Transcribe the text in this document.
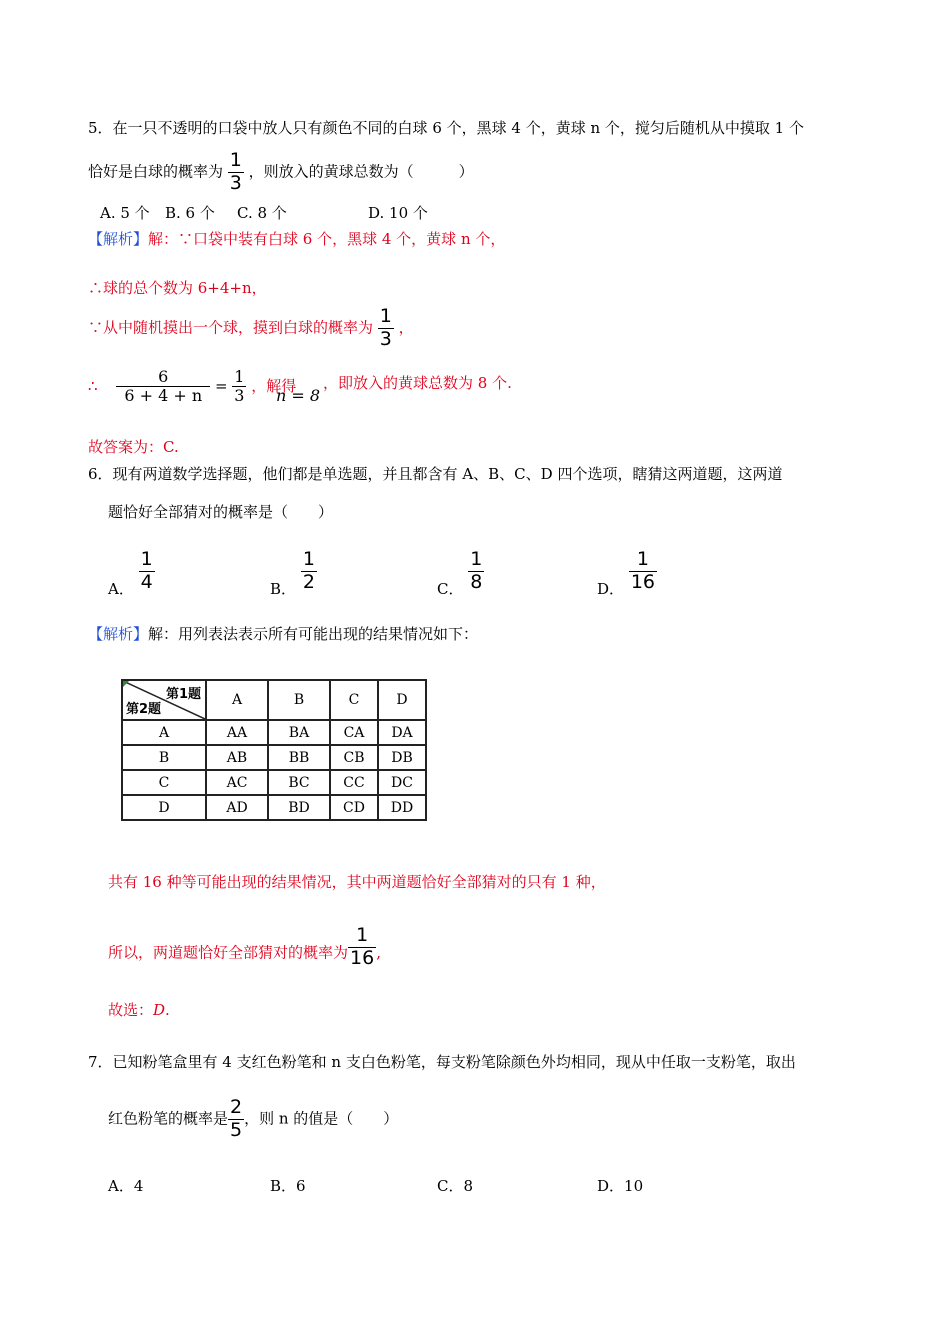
5．在一只不透明的口袋中放人只有颜色不同的白球 6 个，黑球 4 个，黄球 n 个，搅匀后随机从中摸取 1 个
恰好是白球的概率为 $\frac{1}{3}$ ，则放入的黄球总数为（　　　）
A. 5 个 B. 6 个 C. 8 个	D. 10 个
【解析】解：∵口袋中装有白球 6 个，黑球 4 个，黄球 n 个，
∴球的总个数为 6+4+n，
∵从中随机摸出一个球，摸到白球的概率为 $\frac{1}{3}$ ，
∴ $\frac{6}{6 + 4 + n} = \frac{1}{3}$ ，解得
n = 8
，即放入的黄球总数为 8 个.
故答案为：C.
6．现有两道数学选择题，他们都是单选题，并且都含有 A、B、C、D 四个选项，瞎猜这两道题，这两道
题恰好全部猜对的概率是（　　）
A． $\frac{1}{4}$	B． $\frac{1}{2}$	C． $\frac{1}{8}$	D． $\frac{1}{16}$
【解析】解：用列表法表示所有可能出现的结果情况如下：
第1题
第2题	A	B	C	D
A	AA	BA	CA	DA
B	AB	BB	CB	DB
C	AC	BC	CC	DC
D	AD	BD	CD	DD
共有 16 种等可能出现的结果情况，其中两道题恰好全部猜对的只有 1 种，
所以，两道题恰好全部猜对的概率为 $\frac{1}{16}$ ,
故选：D.
7．已知粉笔盒里有 4 支红色粉笔和 n 支白色粉笔，每支粉笔除颜色外均相同，现从中任取一支粉笔，取出
红色粉笔的概率是 $\frac{2}{5}$ ，则 n 的值是（　　）
A．4	B．6	C．8	D．10
